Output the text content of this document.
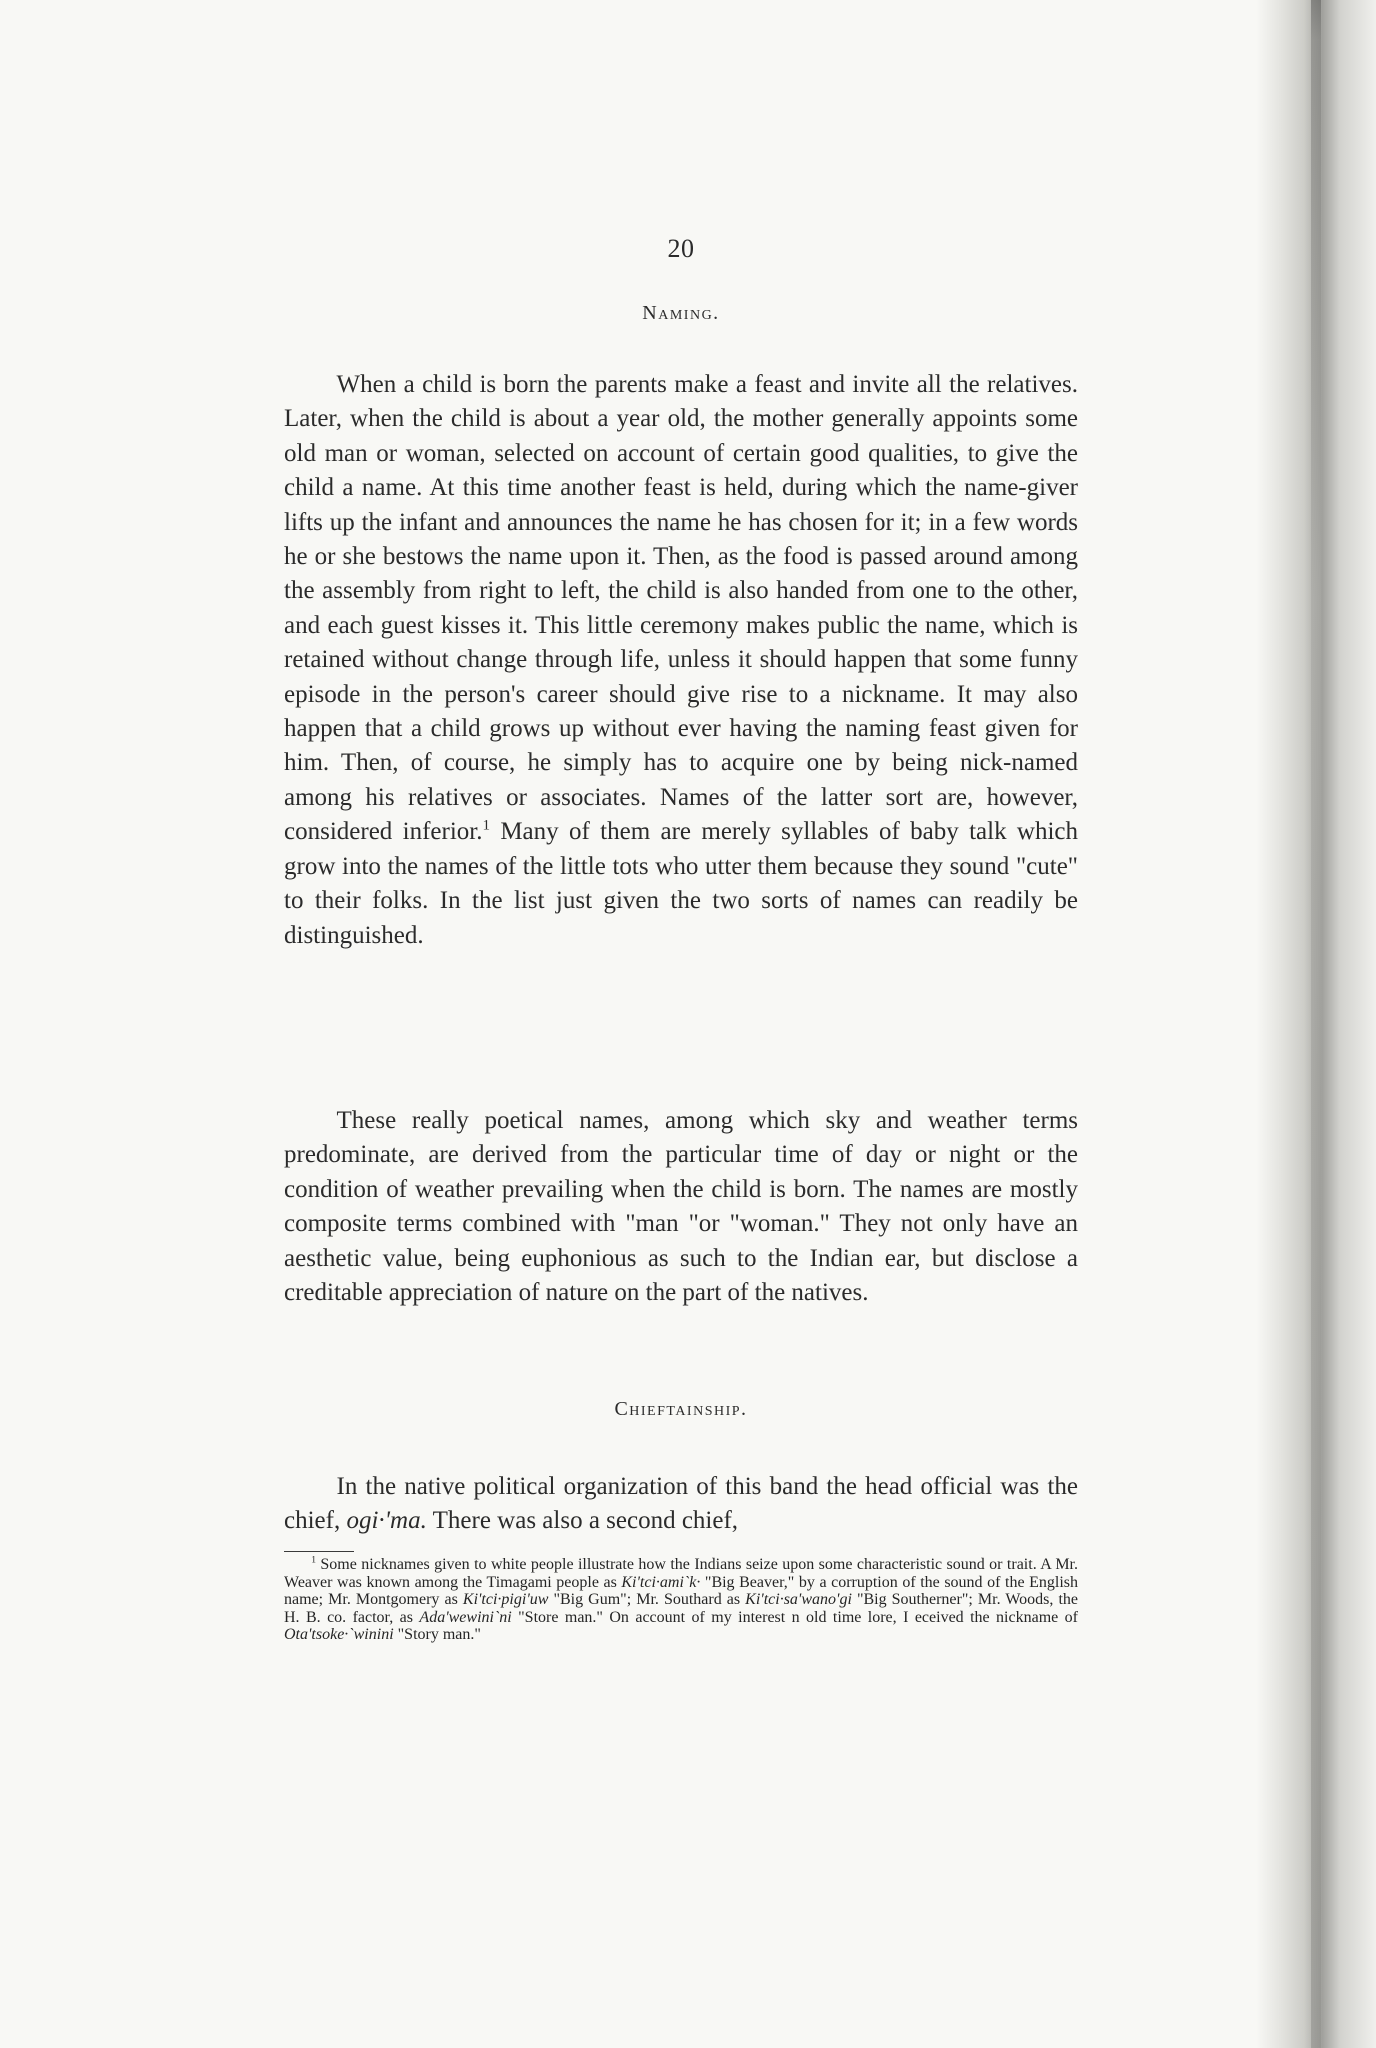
20
Naming.

When a child is born the parents make a feast and invite all the relatives. Later, when the child is about a year old, the mother generally appoints some old man or woman, selected on account of certain good qualities, to give the child a name. At this time another feast is held, during which the name-giver lifts up the infant and announces the name he has chosen for it; in a few words he or she bestows the name upon it. Then, as the food is passed around among the assembly from right to left, the child is also handed from one to the other, and each guest kisses it. This little ceremony makes public the name, which is retained without change through life, unless it should happen that some funny episode in the person's career should give rise to a nickname. It may also happen that a child grows up without ever having the naming feast given for him. Then, of course, he simply has to acquire one by being nick-named among his relatives or associates. Names of the latter sort are, however, considered inferior.$^1$ Many of them are merely syllables of baby talk which grow into the names of the little tots who utter them because they sound "cute" to their folks. In the list just given the two sorts of names can readily be distinguished.

These really poetical names, among which sky and weather terms predominate, are derived from the particular time of day or night or the condition of weather prevailing when the child is born. The names are mostly composite terms combined with "man "or "woman." They not only have an aesthetic value, being euphonious as such to the Indian ear, but disclose a creditable appreciation of nature on the part of the natives.

Chieftainship.

In the native political organization of this band the head official was the chief, ogi·'ma. There was also a second chief,

$^1$ Some nicknames given to white people illustrate how the Indians seize upon some characteristic sound or trait. A Mr. Weaver was known among the Timagami people as Ki'tci·ami`k· "Big Beaver," by a corruption of the sound of the English name; Mr. Montgomery as Ki'tci·pigi'uw "Big Gum"; Mr. Southard as Ki'tci·sa'wano'gi "Big Southerner"; Mr. Woods, the H. B. co. factor, as Ada'wewini`ni "Store man." On account of my interest n old time lore, I eceived the nickname of Ota'tsoke·`winini "Story man."
